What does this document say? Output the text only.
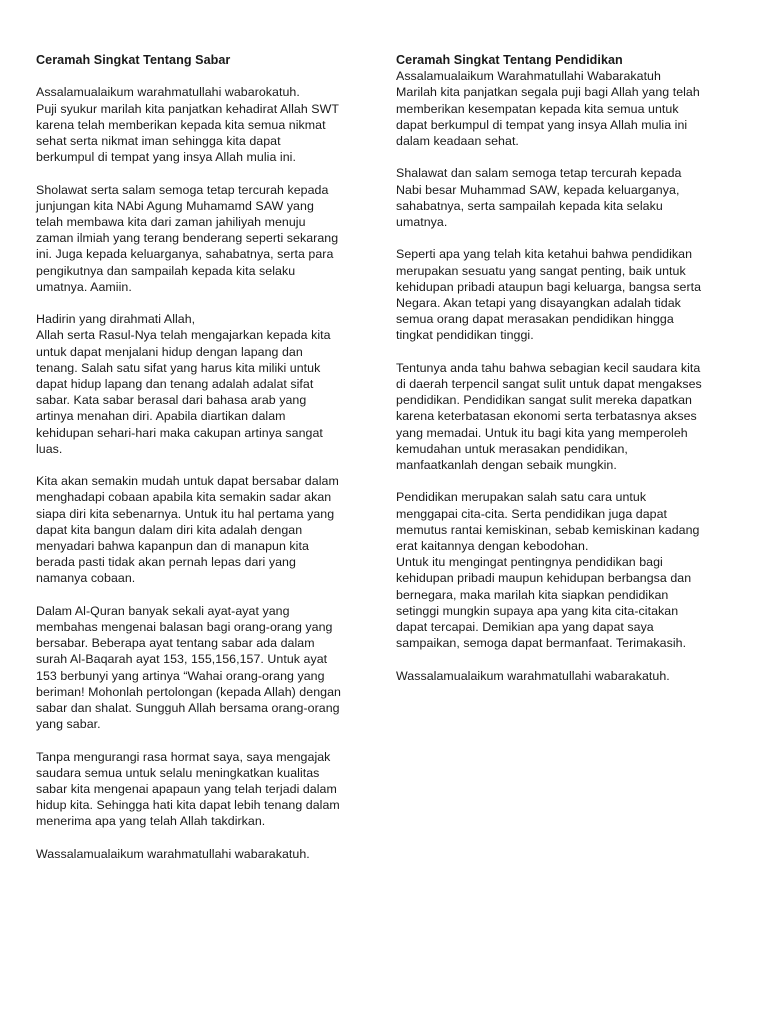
Ceramah Singkat Tentang Sabar
Assalamualaikum warahmatullahi wabarokatuh.
Puji syukur marilah kita panjatkan kehadirat Allah SWT
karena telah memberikan kepada kita semua nikmat
sehat serta nikmat iman sehingga kita dapat
berkumpul di tempat yang insya Allah mulia ini.
Sholawat serta salam semoga tetap tercurah kepada
junjungan kita NAbi Agung Muhamamd SAW yang
telah membawa kita dari zaman jahiliyah menuju
zaman ilmiah yang terang benderang seperti sekarang
ini. Juga kepada keluarganya, sahabatnya, serta para
pengikutnya dan sampailah kepada kita selaku
umatnya. Aamiin.
Hadirin yang dirahmati Allah,
Allah serta Rasul-Nya telah mengajarkan kepada kita
untuk dapat menjalani hidup dengan lapang dan
tenang. Salah satu sifat yang harus kita miliki untuk
dapat hidup lapang dan tenang adalah adalat sifat
sabar. Kata sabar berasal dari bahasa arab yang
artinya menahan diri. Apabila diartikan dalam
kehidupan sehari-hari maka cakupan artinya sangat
luas.
Kita akan semakin mudah untuk dapat bersabar dalam
menghadapi cobaan apabila kita semakin sadar akan
siapa diri kita sebenarnya. Untuk itu hal pertama yang
dapat kita bangun dalam diri kita adalah dengan
menyadari bahwa kapanpun dan di manapun kita
berada pasti tidak akan pernah lepas dari yang
namanya cobaan.
Dalam Al-Quran banyak sekali ayat-ayat yang
membahas mengenai balasan bagi orang-orang yang
bersabar. Beberapa ayat tentang sabar ada dalam
surah Al-Baqarah ayat 153, 155,156,157. Untuk ayat
153 berbunyi yang artinya “Wahai orang-orang yang
beriman! Mohonlah pertolongan (kepada Allah) dengan
sabar dan shalat. Sungguh Allah bersama orang-orang
yang sabar.
Tanpa mengurangi rasa hormat saya, saya mengajak
saudara semua untuk selalu meningkatkan kualitas
sabar kita mengenai apapaun yang telah terjadi dalam
hidup kita. Sehingga hati kita dapat lebih tenang dalam
menerima apa yang telah Allah takdirkan.
Wassalamualaikum warahmatullahi wabarakatuh.
Ceramah Singkat Tentang Pendidikan
Assalamualaikum Warahmatullahi Wabarakatuh
Marilah kita panjatkan segala puji bagi Allah yang telah
memberikan kesempatan kepada kita semua untuk
dapat berkumpul di tempat yang insya Allah mulia ini
dalam keadaan sehat.
Shalawat dan salam semoga tetap tercurah kepada
Nabi besar Muhammad SAW, kepada keluarganya,
sahabatnya, serta sampailah kepada kita selaku
umatnya.
Seperti apa yang telah kita ketahui bahwa pendidikan
merupakan sesuatu yang sangat penting, baik untuk
kehidupan pribadi ataupun bagi keluarga, bangsa serta
Negara. Akan tetapi yang disayangkan adalah tidak
semua orang dapat merasakan pendidikan hingga
tingkat pendidikan tinggi.
Tentunya anda tahu bahwa sebagian kecil saudara kita
di daerah terpencil sangat sulit untuk dapat mengakses
pendidikan. Pendidikan sangat sulit mereka dapatkan
karena keterbatasan ekonomi serta terbatasnya akses
yang memadai. Untuk itu bagi kita yang memperoleh
kemudahan untuk merasakan pendidikan,
manfaatkanlah dengan sebaik mungkin.
Pendidikan merupakan salah satu cara untuk
menggapai cita-cita. Serta pendidikan juga dapat
memutus rantai kemiskinan, sebab kemiskinan kadang
erat kaitannya dengan kebodohan.
Untuk itu mengingat pentingnya pendidikan bagi
kehidupan pribadi maupun kehidupan berbangsa dan
bernegara, maka marilah kita siapkan pendidikan
setinggi mungkin supaya apa yang kita cita-citakan
dapat tercapai. Demikian apa yang dapat saya
sampaikan, semoga dapat bermanfaat. Terimakasih.
Wassalamualaikum warahmatullahi wabarakatuh.
